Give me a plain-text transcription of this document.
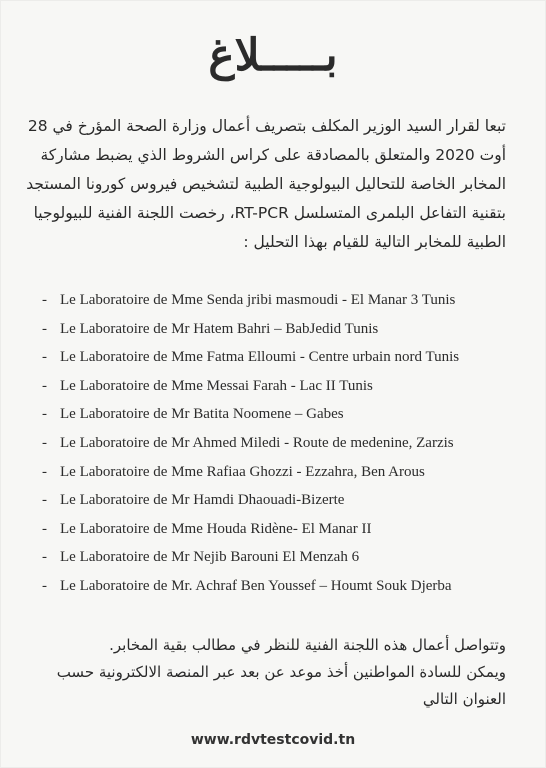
بـــــلاغ
تبعا لقرار السيد الوزير المكلف بتصريف أعمال وزارة الصحة المؤرخ في 28
أوت 2020 والمتعلق بالمصادقة على كراس الشروط الذي يضبط مشاركة
المخابر الخاصة للتحاليل البيولوجية الطبية لتشخيص فيروس كورونا المستجد
بتقنية التفاعل البلمرى المتسلسل RT-PCR، رخصت اللجنة الفنية للبيولوجيا
الطبية للمخابر التالية للقيام بهذا التحليل :
- Le Laboratoire de Mme Senda jribi masmoudi - El Manar 3 Tunis
- Le Laboratoire de Mr Hatem Bahri – BabJedid Tunis
- Le Laboratoire de Mme Fatma Elloumi - Centre urbain nord Tunis
- Le Laboratoire de Mme Messai Farah - Lac II Tunis
- Le Laboratoire de Mr Batita Noomene – Gabes
- Le Laboratoire de Mr Ahmed Miledi - Route de medenine, Zarzis
- Le Laboratoire de Mme Rafiaa Ghozzi - Ezzahra, Ben Arous
- Le Laboratoire de Mr Hamdi Dhaouadi-Bizerte
- Le Laboratoire de Mme Houda Ridène- El Manar II
- Le Laboratoire de Mr Nejib Barouni El Menzah 6
- Le Laboratoire de Mr. Achraf Ben Youssef – Houmt Souk Djerba
وتتواصل أعمال هذه اللجنة الفنية للنظر في مطالب بقية المخابر.
ويمكن للسادة المواطنين أخذ موعد عن بعد عبر المنصة الالكترونية حسب
العنوان التالي
www.rdvtestcovid.tn
